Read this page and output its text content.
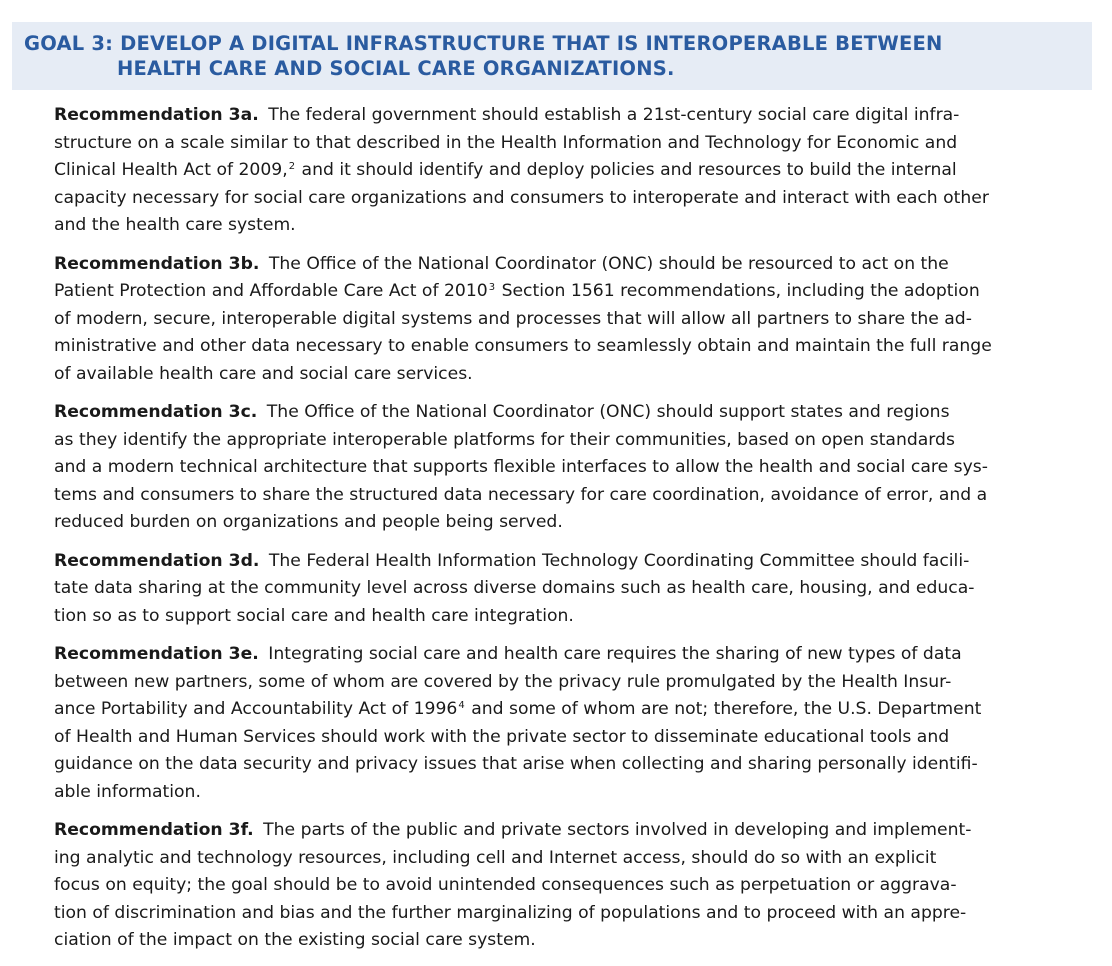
GOAL 3: DEVELOP A DIGITAL INFRASTRUCTURE THAT IS INTEROPERABLE BETWEEN
HEALTH CARE AND SOCIAL CARE ORGANIZATIONS.

Recommendation 3a. The federal government should establish a 21st-century social care digital infra-
structure on a scale similar to that described in the Health Information and Technology for Economic and
Clinical Health Act of 2009,$^2$ and it should identify and deploy policies and resources to build the internal
capacity necessary for social care organizations and consumers to interoperate and interact with each other
and the health care system.

Recommendation 3b. The Office of the National Coordinator (ONC) should be resourced to act on the
Patient Protection and Affordable Care Act of 2010$^3$ Section 1561 recommendations, including the adoption
of modern, secure, interoperable digital systems and processes that will allow all partners to share the ad-
ministrative and other data necessary to enable consumers to seamlessly obtain and maintain the full range
of available health care and social care services.

Recommendation 3c. The Office of the National Coordinator (ONC) should support states and regions
as they identify the appropriate interoperable platforms for their communities, based on open standards
and a modern technical architecture that supports flexible interfaces to allow the health and social care sys-
tems and consumers to share the structured data necessary for care coordination, avoidance of error, and a
reduced burden on organizations and people being served.

Recommendation 3d. The Federal Health Information Technology Coordinating Committee should facili-
tate data sharing at the community level across diverse domains such as health care, housing, and educa-
tion so as to support social care and health care integration.

Recommendation 3e. Integrating social care and health care requires the sharing of new types of data
between new partners, some of whom are covered by the privacy rule promulgated by the Health Insur-
ance Portability and Accountability Act of 1996$^4$ and some of whom are not; therefore, the U.S. Department
of Health and Human Services should work with the private sector to disseminate educational tools and
guidance on the data security and privacy issues that arise when collecting and sharing personally identifi-
able information.

Recommendation 3f. The parts of the public and private sectors involved in developing and implement-
ing analytic and technology resources, including cell and Internet access, should do so with an explicit
focus on equity; the goal should be to avoid unintended consequences such as perpetuation or aggrava-
tion of discrimination and bias and the further marginalizing of populations and to proceed with an appre-
ciation of the impact on the existing social care system.
